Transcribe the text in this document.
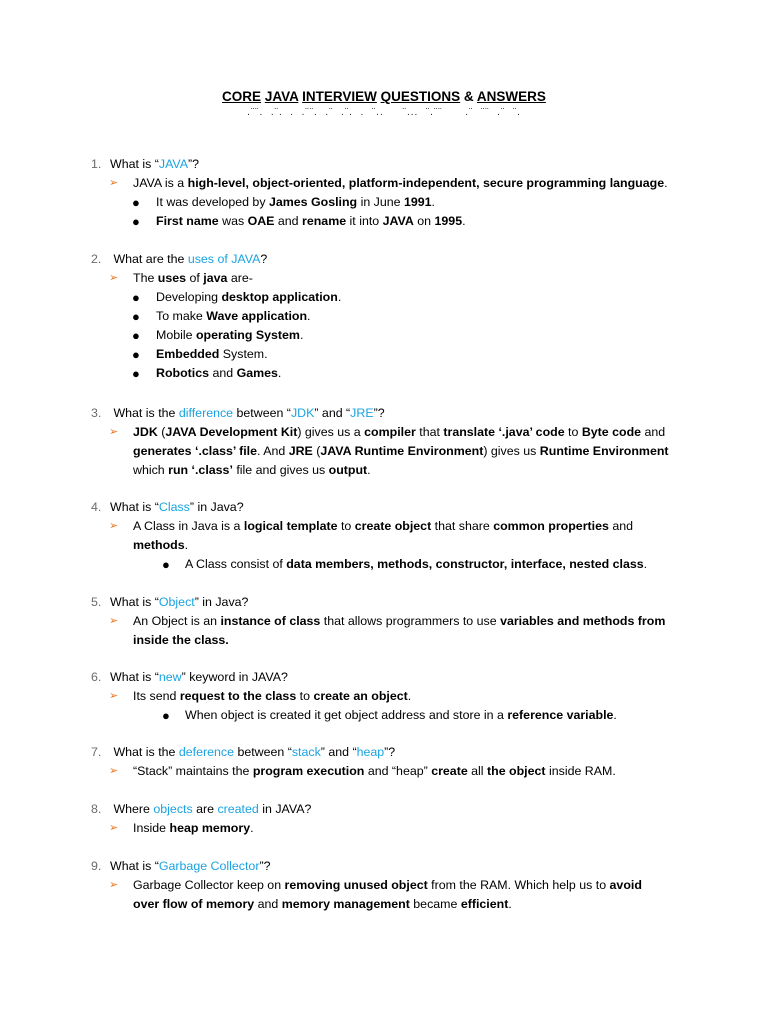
CORE JAVA INTERVIEW QUESTIONS & ANSWERS
.¨¨.  .¨.  .  .¨¨.  .¨  .¨.  .  ¨..     ¨...  ¨.¨¨      .¨  ¨¨  .¨  ¨.
1. What is “JAVA”?
➢ JAVA is a high-level, object-oriented, platform-independent, secure programming language.
● It was developed by James Gosling in June 1991.
● First name was OAE and rename it into JAVA on 1995.
2. What are the uses of JAVA?
➢ The uses of java are-
● Developing desktop application.
● To make Wave application.
● Mobile operating System.
● Embedded System.
● Robotics and Games.
3. What is the difference between “JDK” and “JRE”?
➢ JDK (JAVA Development Kit) gives us a compiler that translate ‘.java’ code to Byte code and
generates ‘.class’ file. And JRE (JAVA Runtime Environment) gives us Runtime Environment
which run ‘.class’ file and gives us output.
4. What is “Class” in Java?
➢ A Class in Java is a logical template to create object that share common properties and
methods.
● A Class consist of data members, methods, constructor, interface, nested class.
5. What is “Object” in Java?
➢ An Object is an instance of class that allows programmers to use variables and methods from
inside the class.
6. What is “new” keyword in JAVA?
➢ Its send request to the class to create an object.
● When object is created it get object address and store in a reference variable.
7. What is the deference between “stack” and “heap”?
➢ “Stack” maintains the program execution and “heap” create all the object inside RAM.
8. Where objects are created in JAVA?
➢ Inside heap memory.
9. What is “Garbage Collector”?
➢ Garbage Collector keep on removing unused object from the RAM. Which help us to avoid
over flow of memory and memory management became efficient.
